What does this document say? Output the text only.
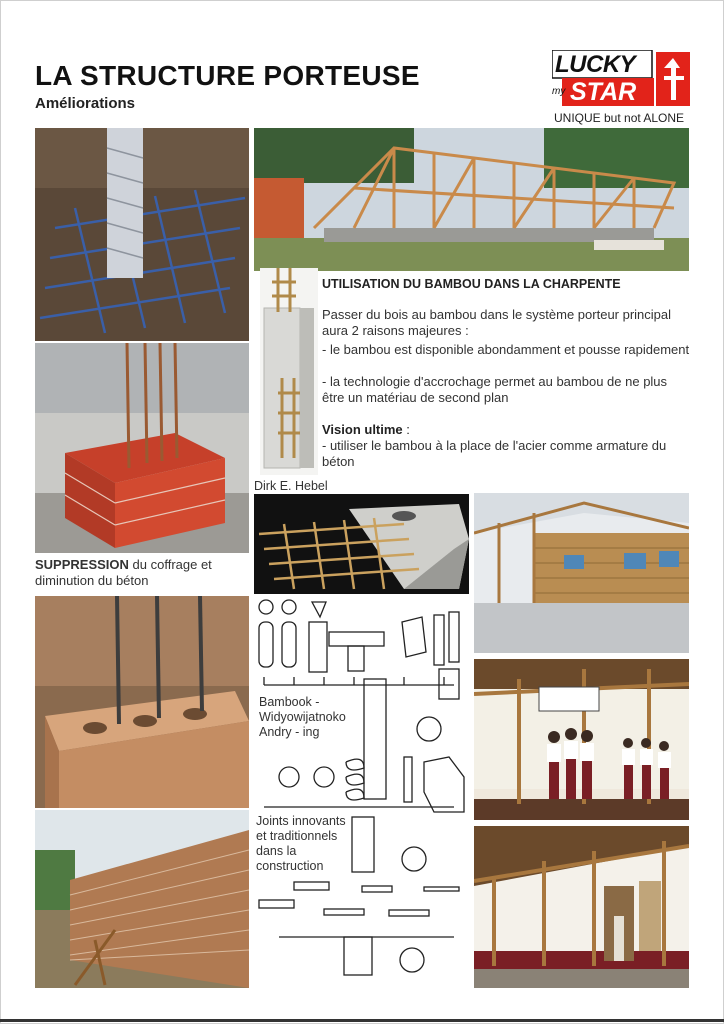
LA STRUCTURE PORTEUSE
Améliorations
LUCKY
my STAR
UNIQUE but not ALONE
SUPPRESSION du coffrage et diminution du béton
UTILISATION DU BAMBOU DANS LA CHARPENTE
Passer du bois au bambou dans le système porteur principal aura 2 raisons majeures :
- le bambou est disponible abondamment et pousse rapidement
- la technologie d'accrochage permet au bambou de ne plus être un matériau de second plan
Vision ultime :
- utiliser le bambou à la place de l'acier comme armature du béton
Dirk E. Hebel
Bambook - Widyowijatnoko Andry - ing
Joints innovants et traditionnels dans la construction
